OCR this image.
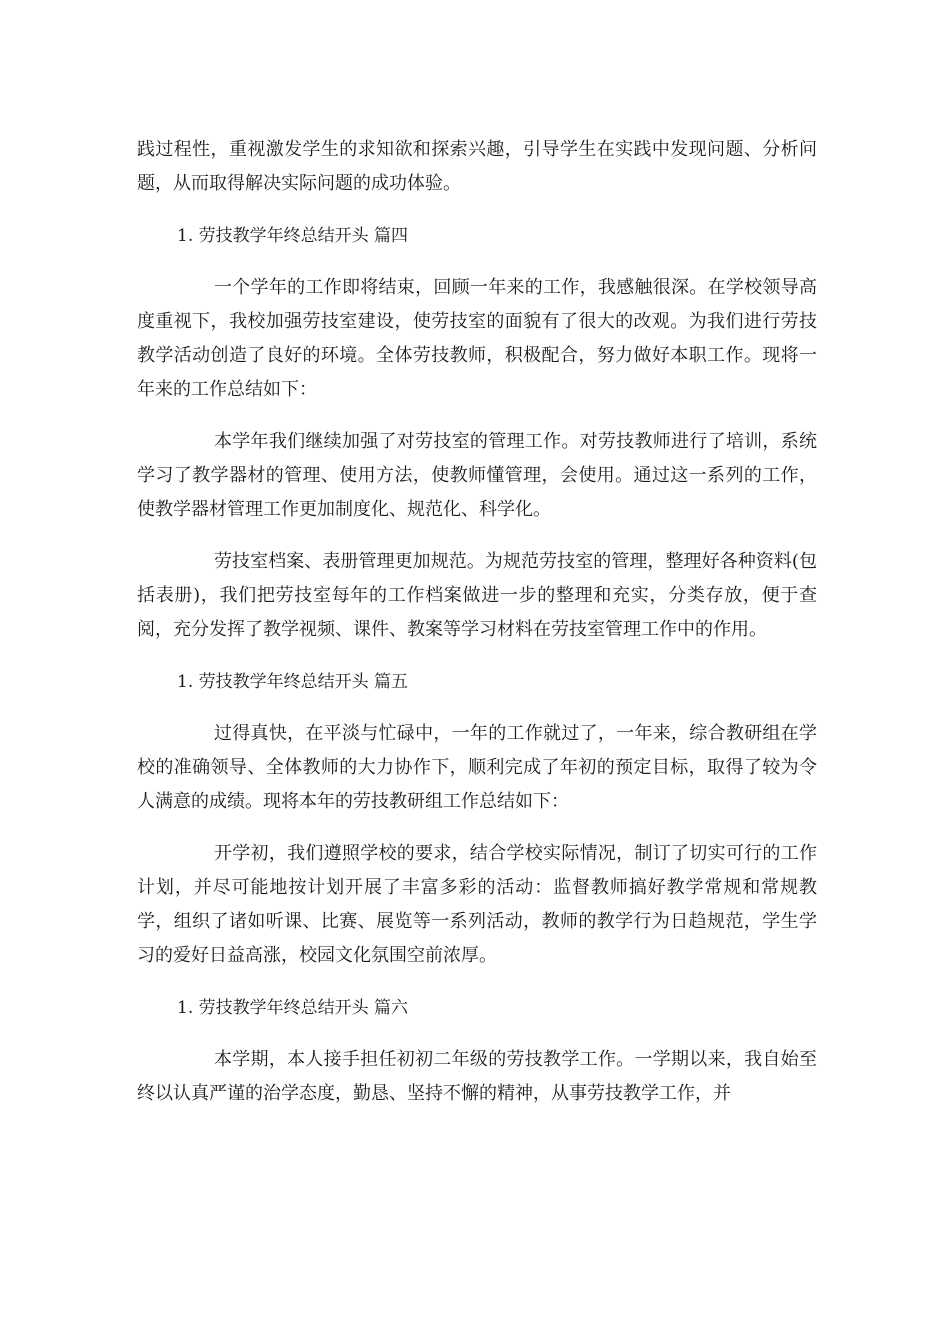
践过程性，重视激发学生的求知欲和探索兴趣，引导学生在实践中发现问题、分析问题，从而取得解决实际问题的成功体验。

1. 劳技教学年终总结开头 篇四

一个学年的工作即将结束，回顾一年来的工作，我感触很深。在学校领导高度重视下，我校加强劳技室建设，使劳技室的面貌有了很大的改观。为我们进行劳技教学活动创造了良好的环境。全体劳技教师，积极配合，努力做好本职工作。现将一年来的工作总结如下：

本学年我们继续加强了对劳技室的管理工作。对劳技教师进行了培训，系统学习了教学器材的管理、使用方法，使教师懂管理，会使用。通过这一系列的工作，使教学器材管理工作更加制度化、规范化、科学化。

劳技室档案、表册管理更加规范。为规范劳技室的管理，整理好各种资料(包括表册)，我们把劳技室每年的工作档案做进一步的整理和充实，分类存放，便于查阅，充分发挥了教学视频、课件、教案等学习材料在劳技室管理工作中的作用。

1. 劳技教学年终总结开头 篇五

过得真快，在平淡与忙碌中，一年的工作就过了，一年来，综合教研组在学校的准确领导、全体教师的大力协作下，顺利完成了年初的预定目标，取得了较为令人满意的成绩。现将本年的劳技教研组工作总结如下：

开学初，我们遵照学校的要求，结合学校实际情况，制订了切实可行的工作计划，并尽可能地按计划开展了丰富多彩的活动：监督教师搞好教学常规和常规教学，组织了诸如听课、比赛、展览等一系列活动，教师的教学行为日趋规范，学生学习的爱好日益高涨，校园文化氛围空前浓厚。

1. 劳技教学年终总结开头 篇六

本学期，本人接手担任初初二年级的劳技教学工作。一学期以来，我自始至终以认真严谨的治学态度，勤恳、坚持不懈的精神，从事劳技教学工作，并
